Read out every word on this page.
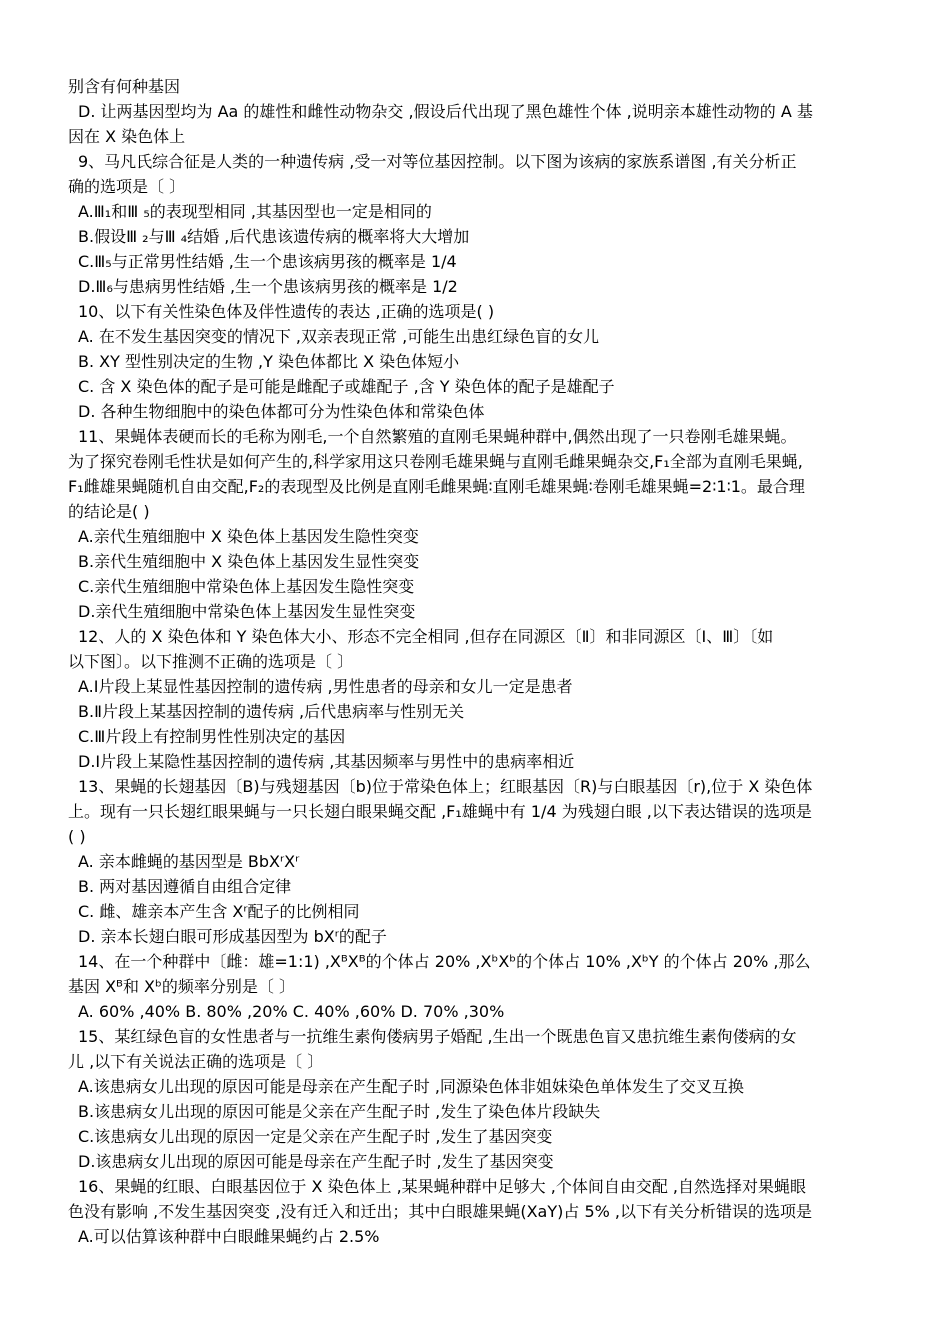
别含有何种基因
D. 让两基因型均为 Aa 的雄性和雌性动物杂交 ,假设后代出现了黑色雄性个体 ,说明亲本雄性动物的 A 基
因在 X 染色体上
9、马凡氏综合征是人类的一种遗传病 ,受一对等位基因控制。以下图为该病的家族系谱图 ,有关分析正
确的选项是〔 〕
A.Ⅲ₁和Ⅲ ₅的表现型相同 ,其基因型也一定是相同的
B.假设Ⅲ ₂与Ⅲ ₄结婚 ,后代患该遗传病的概率将大大增加
C.Ⅲ₅与正常男性结婚 ,生一个患该病男孩的概率是 1/4
D.Ⅲ₆与患病男性结婚 ,生一个患该病男孩的概率是 1/2
10、以下有关性染色体及伴性遗传的表达 ,正确的选项是( )
A. 在不发生基因突变的情况下 ,双亲表现正常 ,可能生出患红绿色盲的女儿
B. XY 型性别决定的生物 ,Y 染色体都比 X 染色体短小
C. 含 X 染色体的配子是可能是雌配子或雄配子 ,含 Y 染色体的配子是雄配子
D. 各种生物细胞中的染色体都可分为性染色体和常染色体
11、果蝇体表硬而长的毛称为刚毛,一个自然繁殖的直刚毛果蝇种群中,偶然出现了一只卷刚毛雄果蝇。
为了探究卷刚毛性状是如何产生的,科学家用这只卷刚毛雄果蝇与直刚毛雌果蝇杂交,F₁全部为直刚毛果蝇,
F₁雌雄果蝇随机自由交配,F₂的表现型及比例是直刚毛雌果蝇∶直刚毛雄果蝇∶卷刚毛雄果蝇=2∶1∶1。最合理
的结论是( )
A.亲代生殖细胞中 X 染色体上基因发生隐性突变
B.亲代生殖细胞中 X 染色体上基因发生显性突变
C.亲代生殖细胞中常染色体上基因发生隐性突变
D.亲代生殖细胞中常染色体上基因发生显性突变
12、人的 X 染色体和 Y 染色体大小、形态不完全相同 ,但存在同源区〔Ⅱ〕和非同源区〔Ⅰ、Ⅲ〕〔如
以下图〕。以下推测不正确的选项是〔 〕
A.Ⅰ片段上某显性基因控制的遗传病 ,男性患者的母亲和女儿一定是患者
B.Ⅱ片段上某基因控制的遗传病 ,后代患病率与性别无关
C.Ⅲ片段上有控制男性性别决定的基因
D.Ⅰ片段上某隐性基因控制的遗传病 ,其基因频率与男性中的患病率相近
13、果蝇的长翅基因〔B)与残翅基因〔b)位于常染色体上；红眼基因〔R)与白眼基因〔r),位于 X 染色体
上。现有一只长翅红眼果蝇与一只长翅白眼果蝇交配 ,F₁雄蝇中有 1/4 为残翅白眼 ,以下表达错误的选项是
( )
A. 亲本雌蝇的基因型是 BbXʳXʳ
B. 两对基因遵循自由组合定律
C. 雌、雄亲本产生含 Xʳ配子的比例相同
D. 亲本长翅白眼可形成基因型为 bXʳ的配子
14、在一个种群中〔雌：雄=1:1) ,XᴮXᴮ的个体占 20% ,XᵇXᵇ的个体占 10% ,XᵇY 的个体占 20% ,那么
基因 Xᴮ和 Xᵇ的频率分别是〔 〕
A. 60% ,40% B. 80% ,20% C. 40% ,60% D. 70% ,30%
15、某红绿色盲的女性患者与一抗维生素佝偻病男子婚配 ,生出一个既患色盲又患抗维生素佝偻病的女
儿 ,以下有关说法正确的选项是〔 〕
A.该患病女儿出现的原因可能是母亲在产生配子时 ,同源染色体非姐妹染色单体发生了交叉互换
B.该患病女儿出现的原因可能是父亲在产生配子时 ,发生了染色体片段缺失
C.该患病女儿出现的原因一定是父亲在产生配子时 ,发生了基因突变
D.该患病女儿出现的原因可能是母亲在产生配子时 ,发生了基因突变
16、果蝇的红眼、白眼基因位于 X 染色体上 ,某果蝇种群中足够大 ,个体间自由交配 ,自然选择对果蝇眼
色没有影响 ,不发生基因突变 ,没有迁入和迁出；其中白眼雄果蝇(XaY)占 5% ,以下有关分析错误的选项是
A.可以估算该种群中白眼雌果蝇约占 2.5%
